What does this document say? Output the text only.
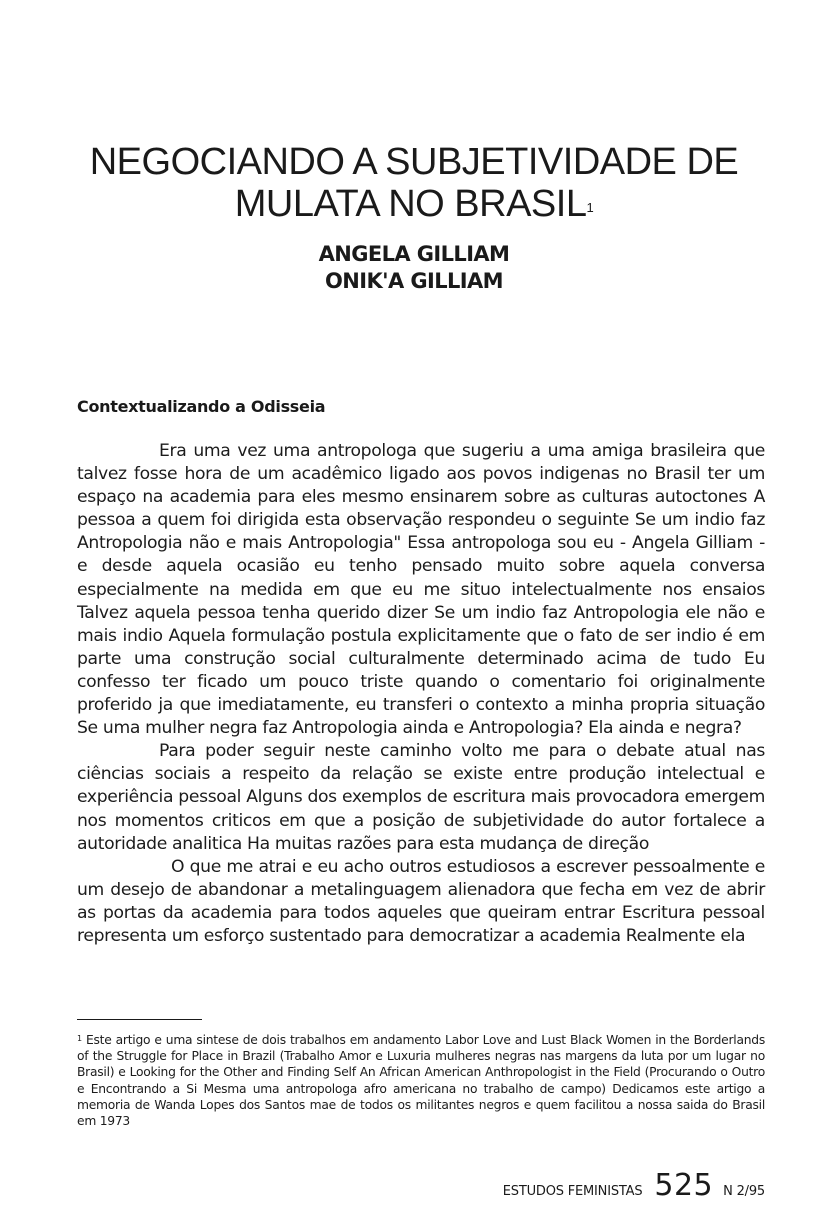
NEGOCIANDO A SUBJETIVIDADE DE
MULATA NO BRASIL$^1$

ANGELA GILLIAM

ONIK'A GILLIAM

Contextualizando a Odisseia

Era uma vez uma antropologa que sugeriu a uma amiga brasileira que talvez fosse hora de um acadêmico ligado aos povos indigenas no Brasil ter um espaço na academia para eles mesmo ensinarem sobre as culturas autoctones A pessoa a quem foi dirigida esta observação respondeu o seguinte Se um indio faz Antropologia não e mais Antropologia" Essa antropologa sou eu - Angela Gilliam - e desde aquela ocasião eu tenho pensado muito sobre aquela conversa especialmente na medida em que eu me situo intelectualmente nos ensaios Talvez aquela pessoa tenha querido dizer Se um indio faz Antropologia ele não e mais indio Aquela formulação postula explicitamente que o fato de ser indio é em parte uma construção social culturalmente determinado acima de tudo Eu confesso ter ficado um pouco triste quando o comentario foi originalmente proferido ja que imediatamente, eu transferi o contexto a minha propria situação Se uma mulher negra faz Antropologia ainda e Antropologia? Ela ainda e negra?

Para poder seguir neste caminho volto me para o debate atual nas ciências sociais a respeito da relação se existe entre produção intelectual e experiência pessoal Alguns dos exemplos de escritura mais provocadora emergem nos momentos criticos em que a posição de subjetividade do autor fortalece a autoridade analitica Ha muitas razões para esta mudança de direção

O que me atrai e eu acho outros estudiosos a escrever pessoalmente e um desejo de abandonar a metalinguagem alienadora que fecha em vez de abrir as portas da academia para todos aqueles que queiram entrar Escritura pessoal representa um esforço sustentado para democratizar a academia Realmente ela

$^1$ Este artigo e uma sintese de dois trabalhos em andamento Labor Love and Lust Black Women in the Borderlands of the Struggle for Place in Brazil (Trabalho Amor e Luxuria mulheres negras nas margens da luta por um lugar no Brasil) e Looking for the Other and Finding Self An African American Anthropologist in the Field (Procurando o Outro e Encontrando a Si Mesma uma antropologa afro americana no trabalho de campo) Dedicamos este artigo a memoria de Wanda Lopes dos Santos mae de todos os militantes negros e quem facilitou a nossa saida do Brasil em 1973

ESTUDOS FEMINISTAS 525 N 2/95
